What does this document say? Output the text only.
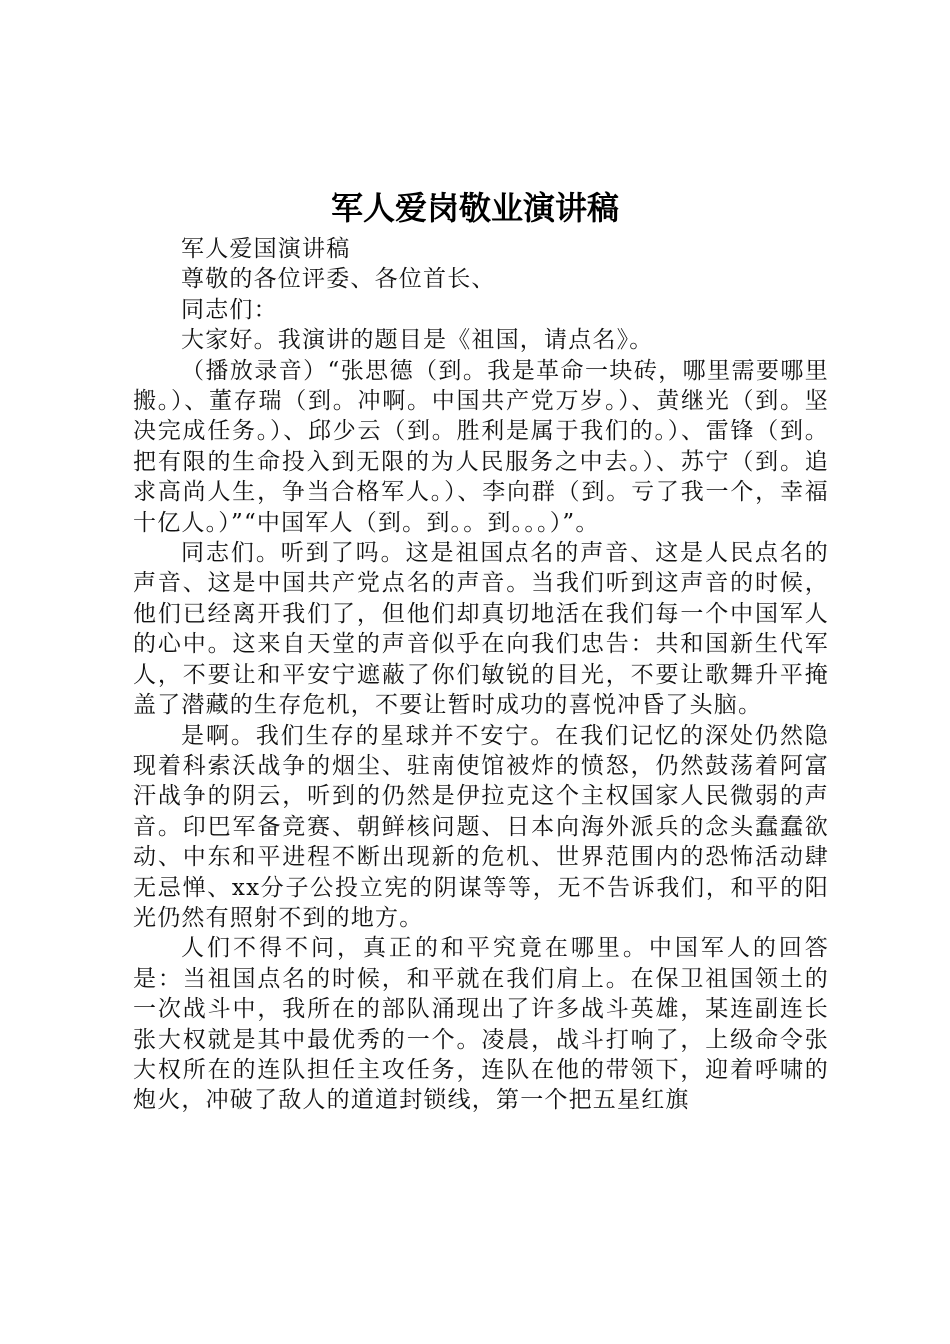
军人爱岗敬业演讲稿

军人爱国演讲稿

尊敬的各位评委、各位首长、

同志们：

大家好。我演讲的题目是《祖国，请点名》。

（播放录音）“张思德（到。我是革命一块砖，哪里需要哪里搬。）、董存瑞（到。冲啊。中国共产党万岁。）、黄继光（到。坚决完成任务。）、邱少云（到。胜利是属于我们的。）、雷锋（到。把有限的生命投入到无限的为人民服务之中去。）、苏宁（到。追求高尚人生，争当合格军人。）、李向群（到。亏了我一个，幸福十亿人。）”“中国军人（到。到。。到。。。）”。

同志们。听到了吗。这是祖国点名的声音、这是人民点名的声音、这是中国共产党点名的声音。当我们听到这声音的时候，他们已经离开我们了，但他们却真切地活在我们每一个中国军人的心中。这来自天堂的声音似乎在向我们忠告：共和国新生代军人，不要让和平安宁遮蔽了你们敏锐的目光，不要让歌舞升平掩盖了潜藏的生存危机，不要让暂时成功的喜悦冲昏了头脑。

是啊。我们生存的星球并不安宁。在我们记忆的深处仍然隐现着科索沃战争的烟尘、驻南使馆被炸的愤怒，仍然鼓荡着阿富汗战争的阴云，听到的仍然是伊拉克这个主权国家人民微弱的声音。印巴军备竞赛、朝鲜核问题、日本向海外派兵的念头蠢蠢欲动、中东和平进程不断出现新的危机、世界范围内的恐怖活动肆无忌惮、xx分子公投立宪的阴谋等等，无不告诉我们，和平的阳光仍然有照射不到的地方。

人们不得不问，真正的和平究竟在哪里。中国军人的回答是：当祖国点名的时候，和平就在我们肩上。在保卫祖国领土的一次战斗中，我所在的部队涌现出了许多战斗英雄，某连副连长张大权就是其中最优秀的一个。凌晨，战斗打响了，上级命令张大权所在的连队担任主攻任务，连队在他的带领下，迎着呼啸的炮火，冲破了敌人的道道封锁线，第一个把五星红旗
